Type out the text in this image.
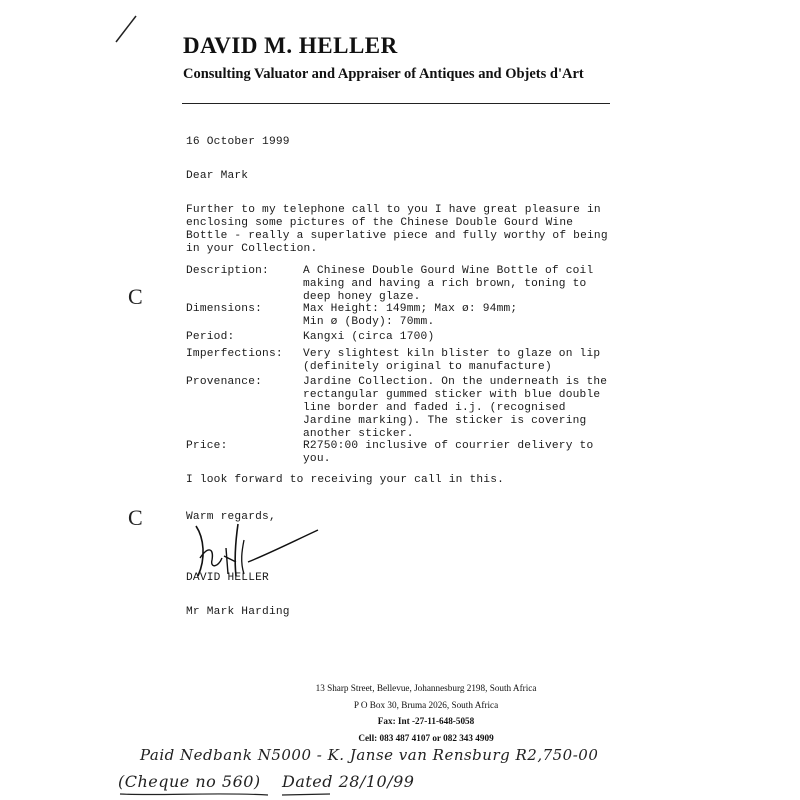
DAVID M. HELLER
Consulting Valuator and Appraiser of Antiques and Objets d'Art
16 October 1999
Dear Mark
Further to my telephone call to you I have great pleasure in
enclosing some pictures of the Chinese Double Gourd Wine
Bottle - really a superlative piece and fully worthy of being
in your Collection.
C
C
Description:	A Chinese Double Gourd Wine Bottle of coil
making and having a rich brown, toning to
deep honey glaze.
Dimensions:	Max Height: 149mm; Max ø: 94mm;
Min ø (Body): 70mm.
Period:	Kangxi (circa 1700)
Imperfections: Very slightest kiln blister to glaze on lip
(definitely original to manufacture)
Provenance:	Jardine Collection. On the underneath is the
rectangular gummed sticker with blue double
line border and faded i.j. (recognised
Jardine marking). The sticker is covering
another sticker.
Price:	R2750:00 inclusive of courrier delivery to
you.
I look forward to receiving your call in this.
Warm regards,
DAVID HELLER
Mr Mark Harding
13 Sharp Street, Bellevue, Johannesburg 2198, South Africa
P O Box 30, Bruma 2026, South Africa
Fax: Int -27-11-648-5058
Cell: 083 487 4107 or 082 343 4909
Paid Nedbank N5000 - K. Janse van Rensburg R2,750-00
(Cheque no 560) Dated 28/10/99
